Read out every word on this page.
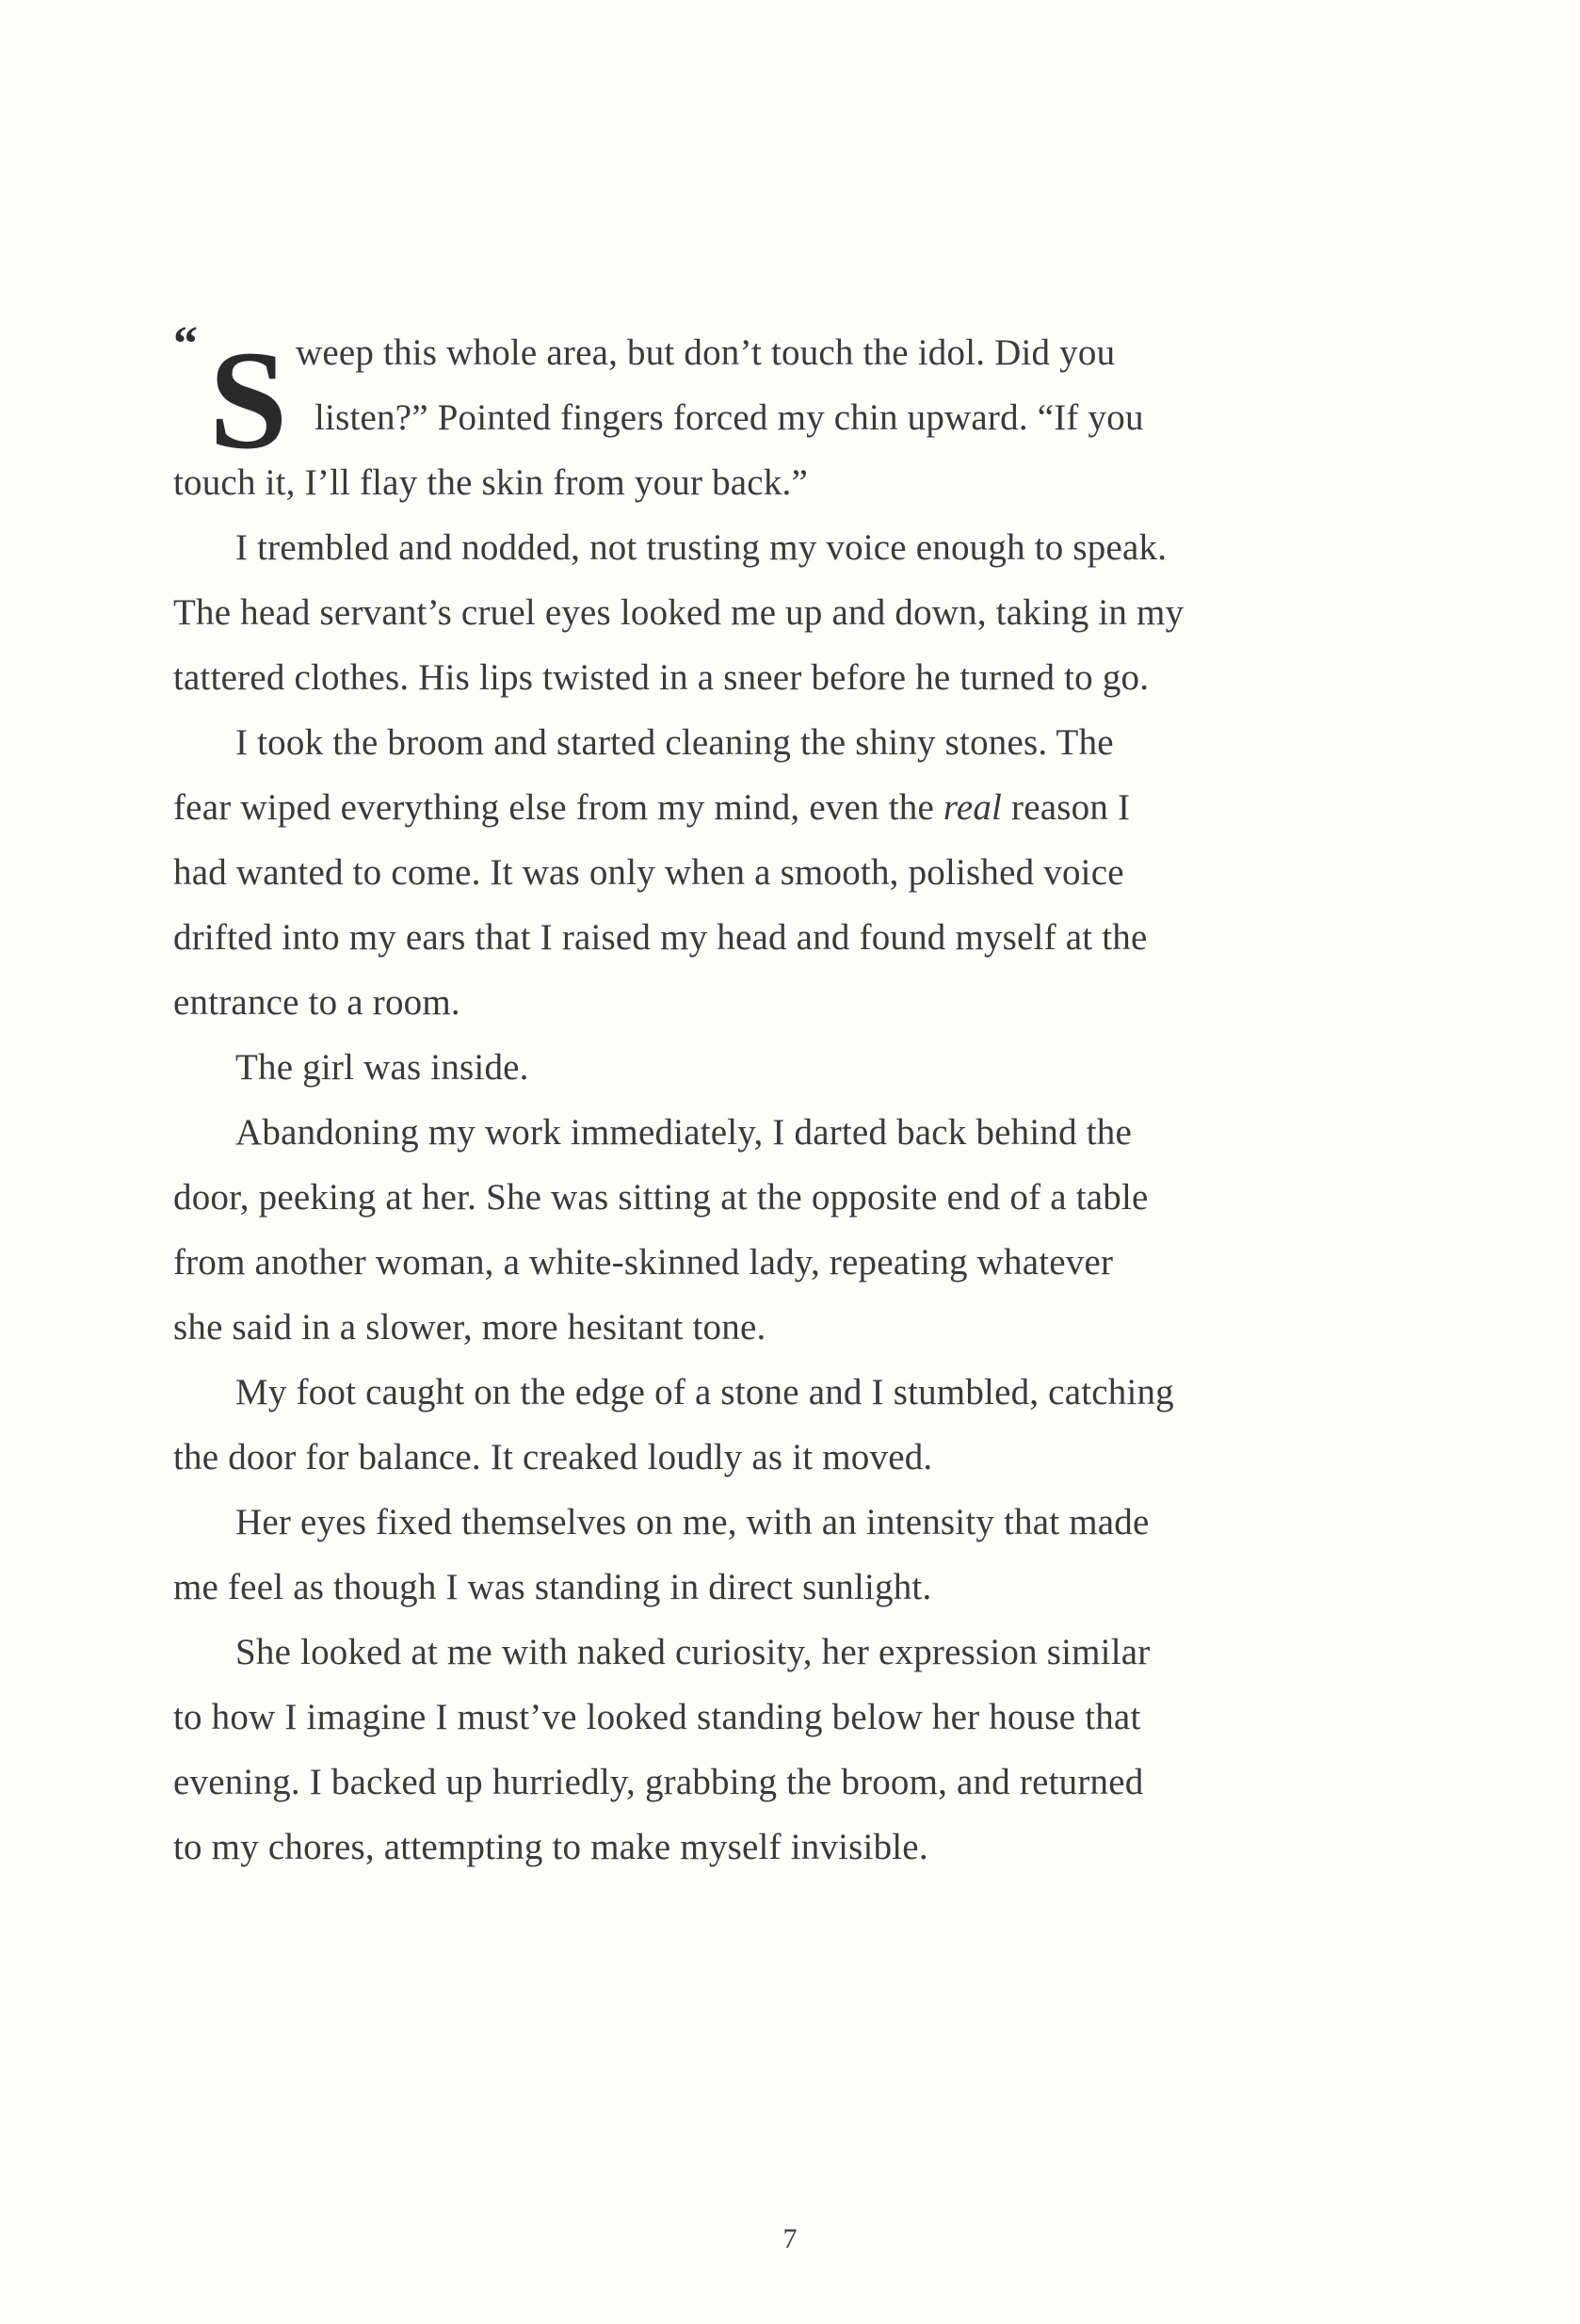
“ S weep this whole area, but don’t touch the idol. Did you
listen?” Pointed fingers forced my chin upward. “If you
touch it, I’ll flay the skin from your back.”
I trembled and nodded, not trusting my voice enough to speak.
The head servant’s cruel eyes looked me up and down, taking in my
tattered clothes. His lips twisted in a sneer before he turned to go.
I took the broom and started cleaning the shiny stones. The
fear wiped everything else from my mind, even the real reason I
had wanted to come. It was only when a smooth, polished voice
drifted into my ears that I raised my head and found myself at the
entrance to a room.
The girl was inside.
Abandoning my work immediately, I darted back behind the
door, peeking at her. She was sitting at the opposite end of a table
from another woman, a white-skinned lady, repeating whatever
she said in a slower, more hesitant tone.
My foot caught on the edge of a stone and I stumbled, catching
the door for balance. It creaked loudly as it moved.
Her eyes fixed themselves on me, with an intensity that made
me feel as though I was standing in direct sunlight.
She looked at me with naked curiosity, her expression similar
to how I imagine I must’ve looked standing below her house that
evening. I backed up hurriedly, grabbing the broom, and returned
to my chores, attempting to make myself invisible.
7
